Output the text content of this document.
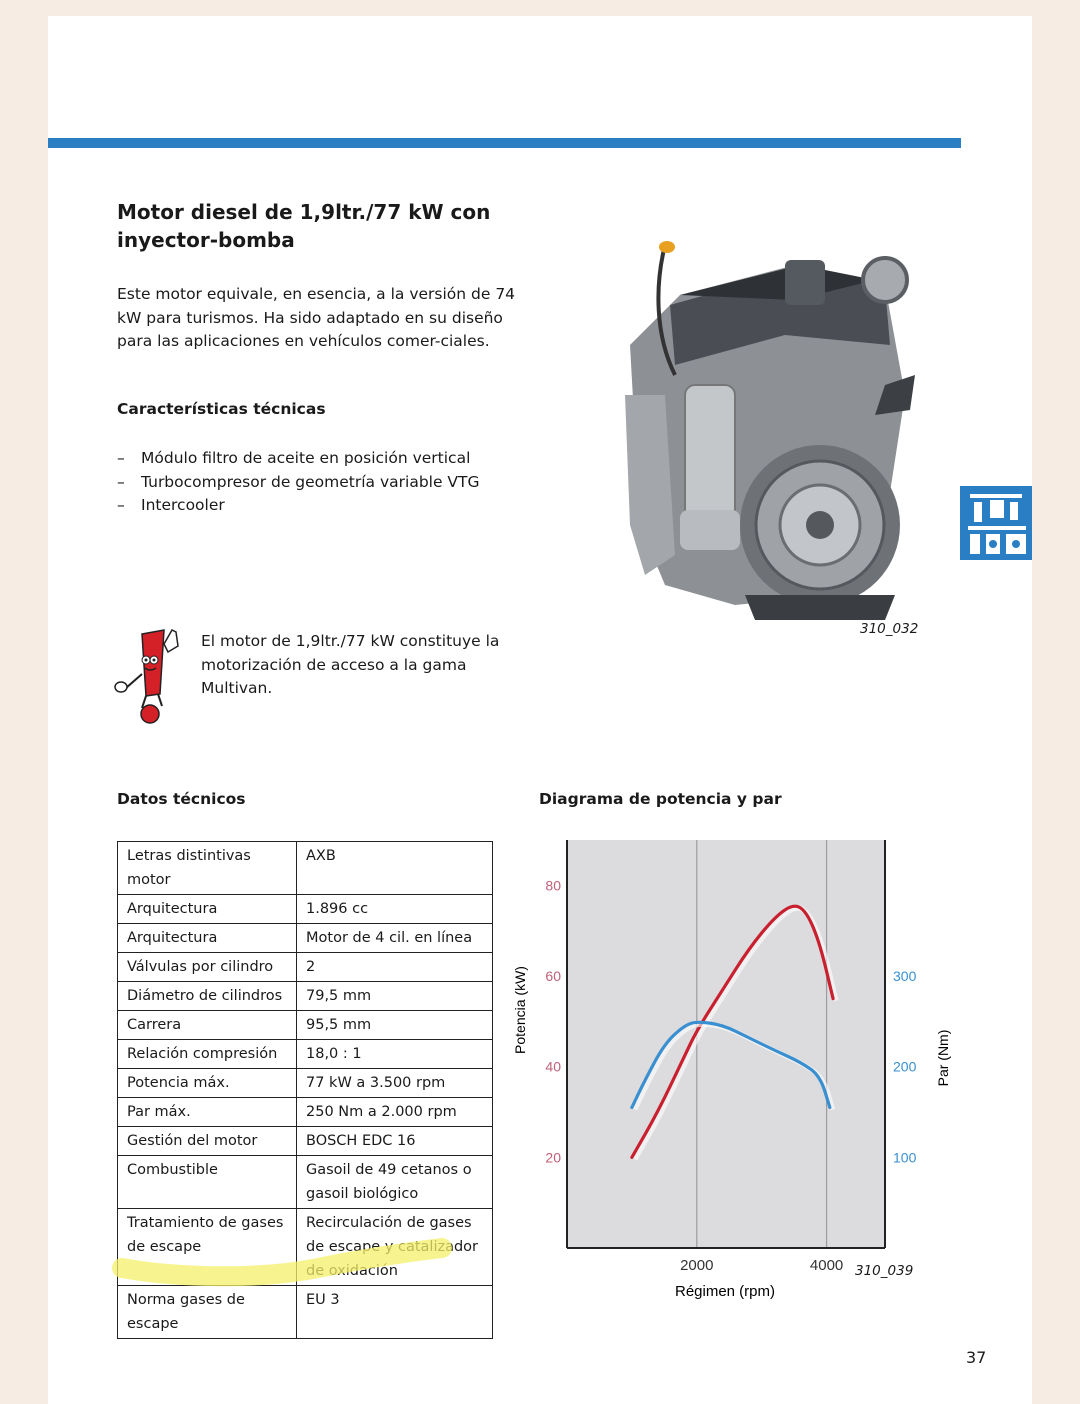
Motor diesel de 1,9ltr./77 kW con inyector-bomba
Este motor equivale, en esencia, a la versión de 74 kW para turismos. Ha sido adaptado en su diseño para las aplicaciones en vehículos comer-ciales.
Características técnicas
– Módulo filtro de aceite en posición vertical
– Turbocompresor de geometría variable VTG
– Intercooler
310_032
El motor de 1,9ltr./77 kW constituye la motorización de acceso a la gama Multivan.
Datos técnicos	Diagrama de potencia y par
Letras distintivas motor	AXB
Arquitectura	1.896 cc
Arquitectura	Motor de 4 cil. en línea
Válvulas por cilindro	2
Diámetro de cilindros	79,5 mm
Carrera	95,5 mm
Relación compresión	18,0 : 1
Potencia máx.	77 kW a 3.500 rpm
Par máx.	250 Nm a 2.000 rpm
Gestión del motor	BOSCH EDC 16
Combustible	Gasoil de 49 cetanos o gasoil biológico
Tratamiento de gases de escape	Recirculación de gases de escape y catalizador de oxidación
Norma gases de escape	EU 3
2000	4000
20
40
60
80
100
200
300
Potencia (kW)
Par (Nm)
Régimen (rpm)
310_039
37
